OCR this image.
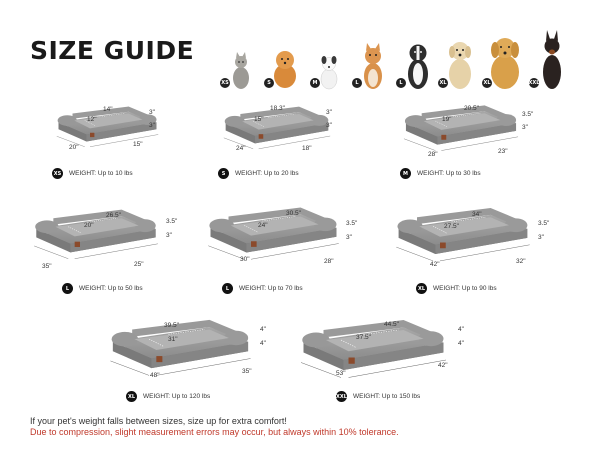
SIZE GUIDE
XS	S	M	L	L	XL	XL	XXL
14"
12"
3"
3"
20"	15"
XS WEIGHT: Up to 10 lbs
18.3"
15"
3"
3"
24"	18"
S	WEIGHT: Up to 20 lbs
20.5"
19"
3.5"
3"
28"	23"
M	WEIGHT: Up to 30 lbs
26.5"
20"
3.5"
3"
35"	25"
L	WEIGHT: Up to 50 lbs
30.5"
24"	3.5"
3"
30"	28"
L	WEIGHT: Up to 70 lbs
34"
27.5"	3.5"
3"
42"	32"
XL	WEIGHT: Up to 90 lbs
39.5"
31"
4"
4"
48"
35"
XL	WEIGHT: Up to 120 lbs
44.5"
37.5"
4"
4"
53"
42"
XXL WEIGHT: Up to 150 lbs
If your pet's weight falls between sizes, size up for extra comfort!
Due to compression, slight measurement errors may occur, but always within 10% tolerance.
